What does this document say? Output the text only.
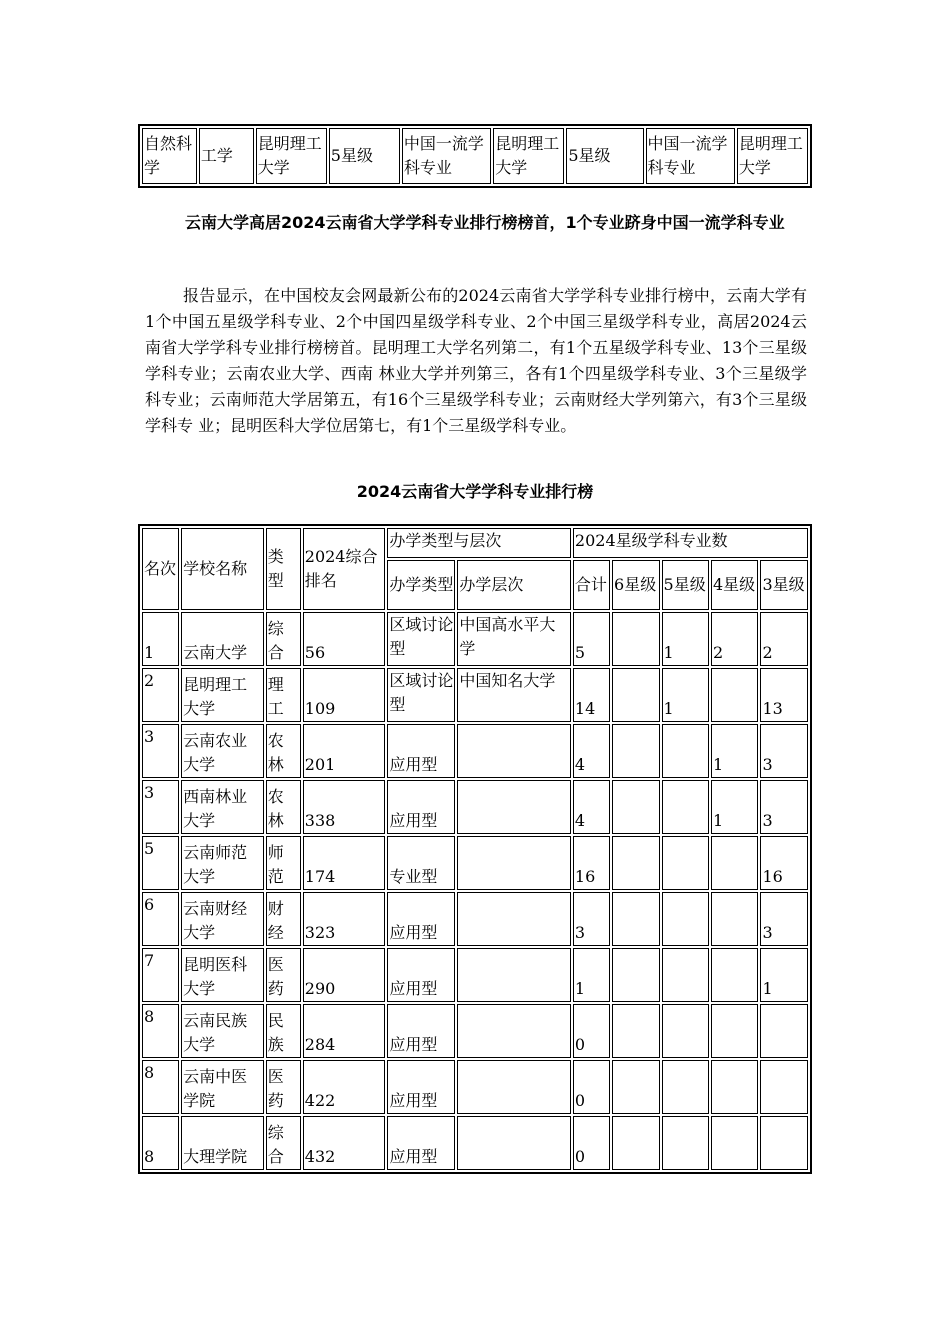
自然科学	工学	昆明理工大学	5星级	中国一流学科专业	昆明理工大学	5星级	中国一流学科专业	昆明理工大学
云南大学高居2024云南省大学学科专业排行榜榜首，1个专业跻身中国一流学科专业
报告显示，在中国校友会网最新公布的2024云南省大学学科专业排行榜中，云南大学有1个中国五星级学科专业、2个中国四星级学科专业、2个中国三星级学科专业，高居2024云南省大学学科专业排行榜榜首。昆明理工大学名列第二，有1个五星级学科专业、13个三星级学科专业；云南农业大学、西南 林业大学并列第三，各有1个四星级学科专业、3个三星级学科专业；云南师范大学居第五，有16个三星级学科专业；云南财经大学列第六，有3个三星级学科专 业；昆明医科大学位居第七，有1个三星级学科专业。
2024云南省大学学科专业排行榜
名次	学校名称	类型	2024综合排名	办学类型与层次		2024星级学科专业数				
				办学类型	办学层次	合计	6星级	5星级	4星级	3星级
1	云南大学	综合	56	区域讨论型	中国高水平大学	5		1	2	2
2	昆明理工大学	理工	109	区域讨论型	中国知名大学	14		1		13
3	云南农业大学	农林	201	应用型		4			1	3
3	西南林业大学	农林	338	应用型		4			1	3
5	云南师范大学	师范	174	专业型		16				16
6	云南财经大学	财经	323	应用型		3				3
7	昆明医科大学	医药	290	应用型		1				1
8	云南民族大学	民族	284	应用型		0				
8	云南中医学院	医药	422	应用型		0				
8	大理学院	综合	432	应用型		0				
